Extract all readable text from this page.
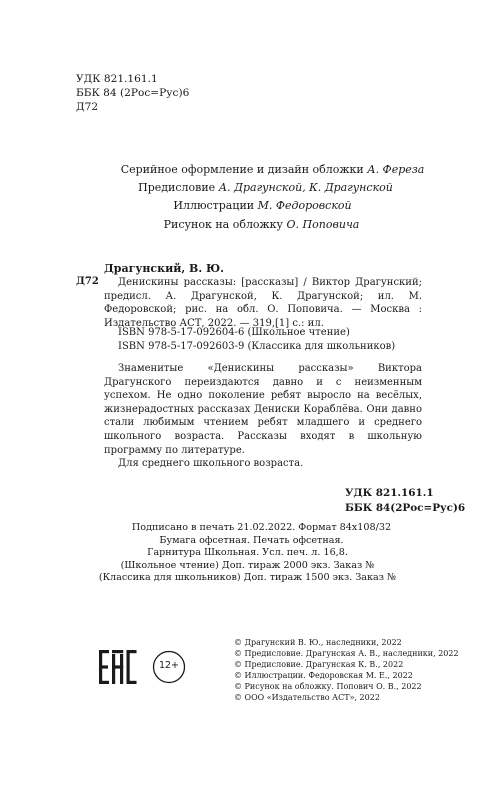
УДК 821.161.1
ББК 84 (2Рос=Рус)6
Д72
Серийное оформление и дизайн обложки А. Фереза
Предисловие А. Драгунской, К. Драгунской
Иллюстрации М. Федоровской
Рисунок на обложку О. Поповича
Драгунский, В. Ю.
Д72	Денискины рассказы: [рассказы] / Виктор Драгунский; предисл. А. Драгунской, К. Драгунской; ил. М. Федоровской; рис. на обл. О. Поповича. — Москва : Издательство АСТ, 2022. — 319,[1] с.: ил.

ISBN 978-5-17-092604-6 (Школьное чтение)
ISBN 978-5-17-092603-9 (Классика для школьников)

Знаменитые «Денискины рассказы» Виктора Драгунского переиздаются давно и с неизменным успехом. Не одно поколение ребят выросло на весёлых, жизнерадостных рассказах Дениски Кораблёва. Они давно стали любимым чтением ребят младшего и среднего школьного возраста. Рассказы входят в школьную программу по литературе.

Для среднего школьного возраста.

УДК 821.161.1
ББК 84(2Рос=Рус)6
Подписано в печать 21.02.2022. Формат 84x108/32
Бумага офсетная. Печать офсетная.
Гарнитура Школьная. Усл. печ. л. 16,8.
(Школьное чтение) Доп. тираж 2000 экз. Заказ №
(Классика для школьников) Доп. тираж 1500 экз. Заказ №
12+
© Драгунский В. Ю., наследники, 2022
© Предисловие. Драгунская А. В., наследники, 2022
© Предисловие. Драгунская К. В., 2022
© Иллюстрации. Федоровская М. Е., 2022
© Рисунок на обложку. Попович О. В., 2022
© ООО «Издательство АСТ», 2022
